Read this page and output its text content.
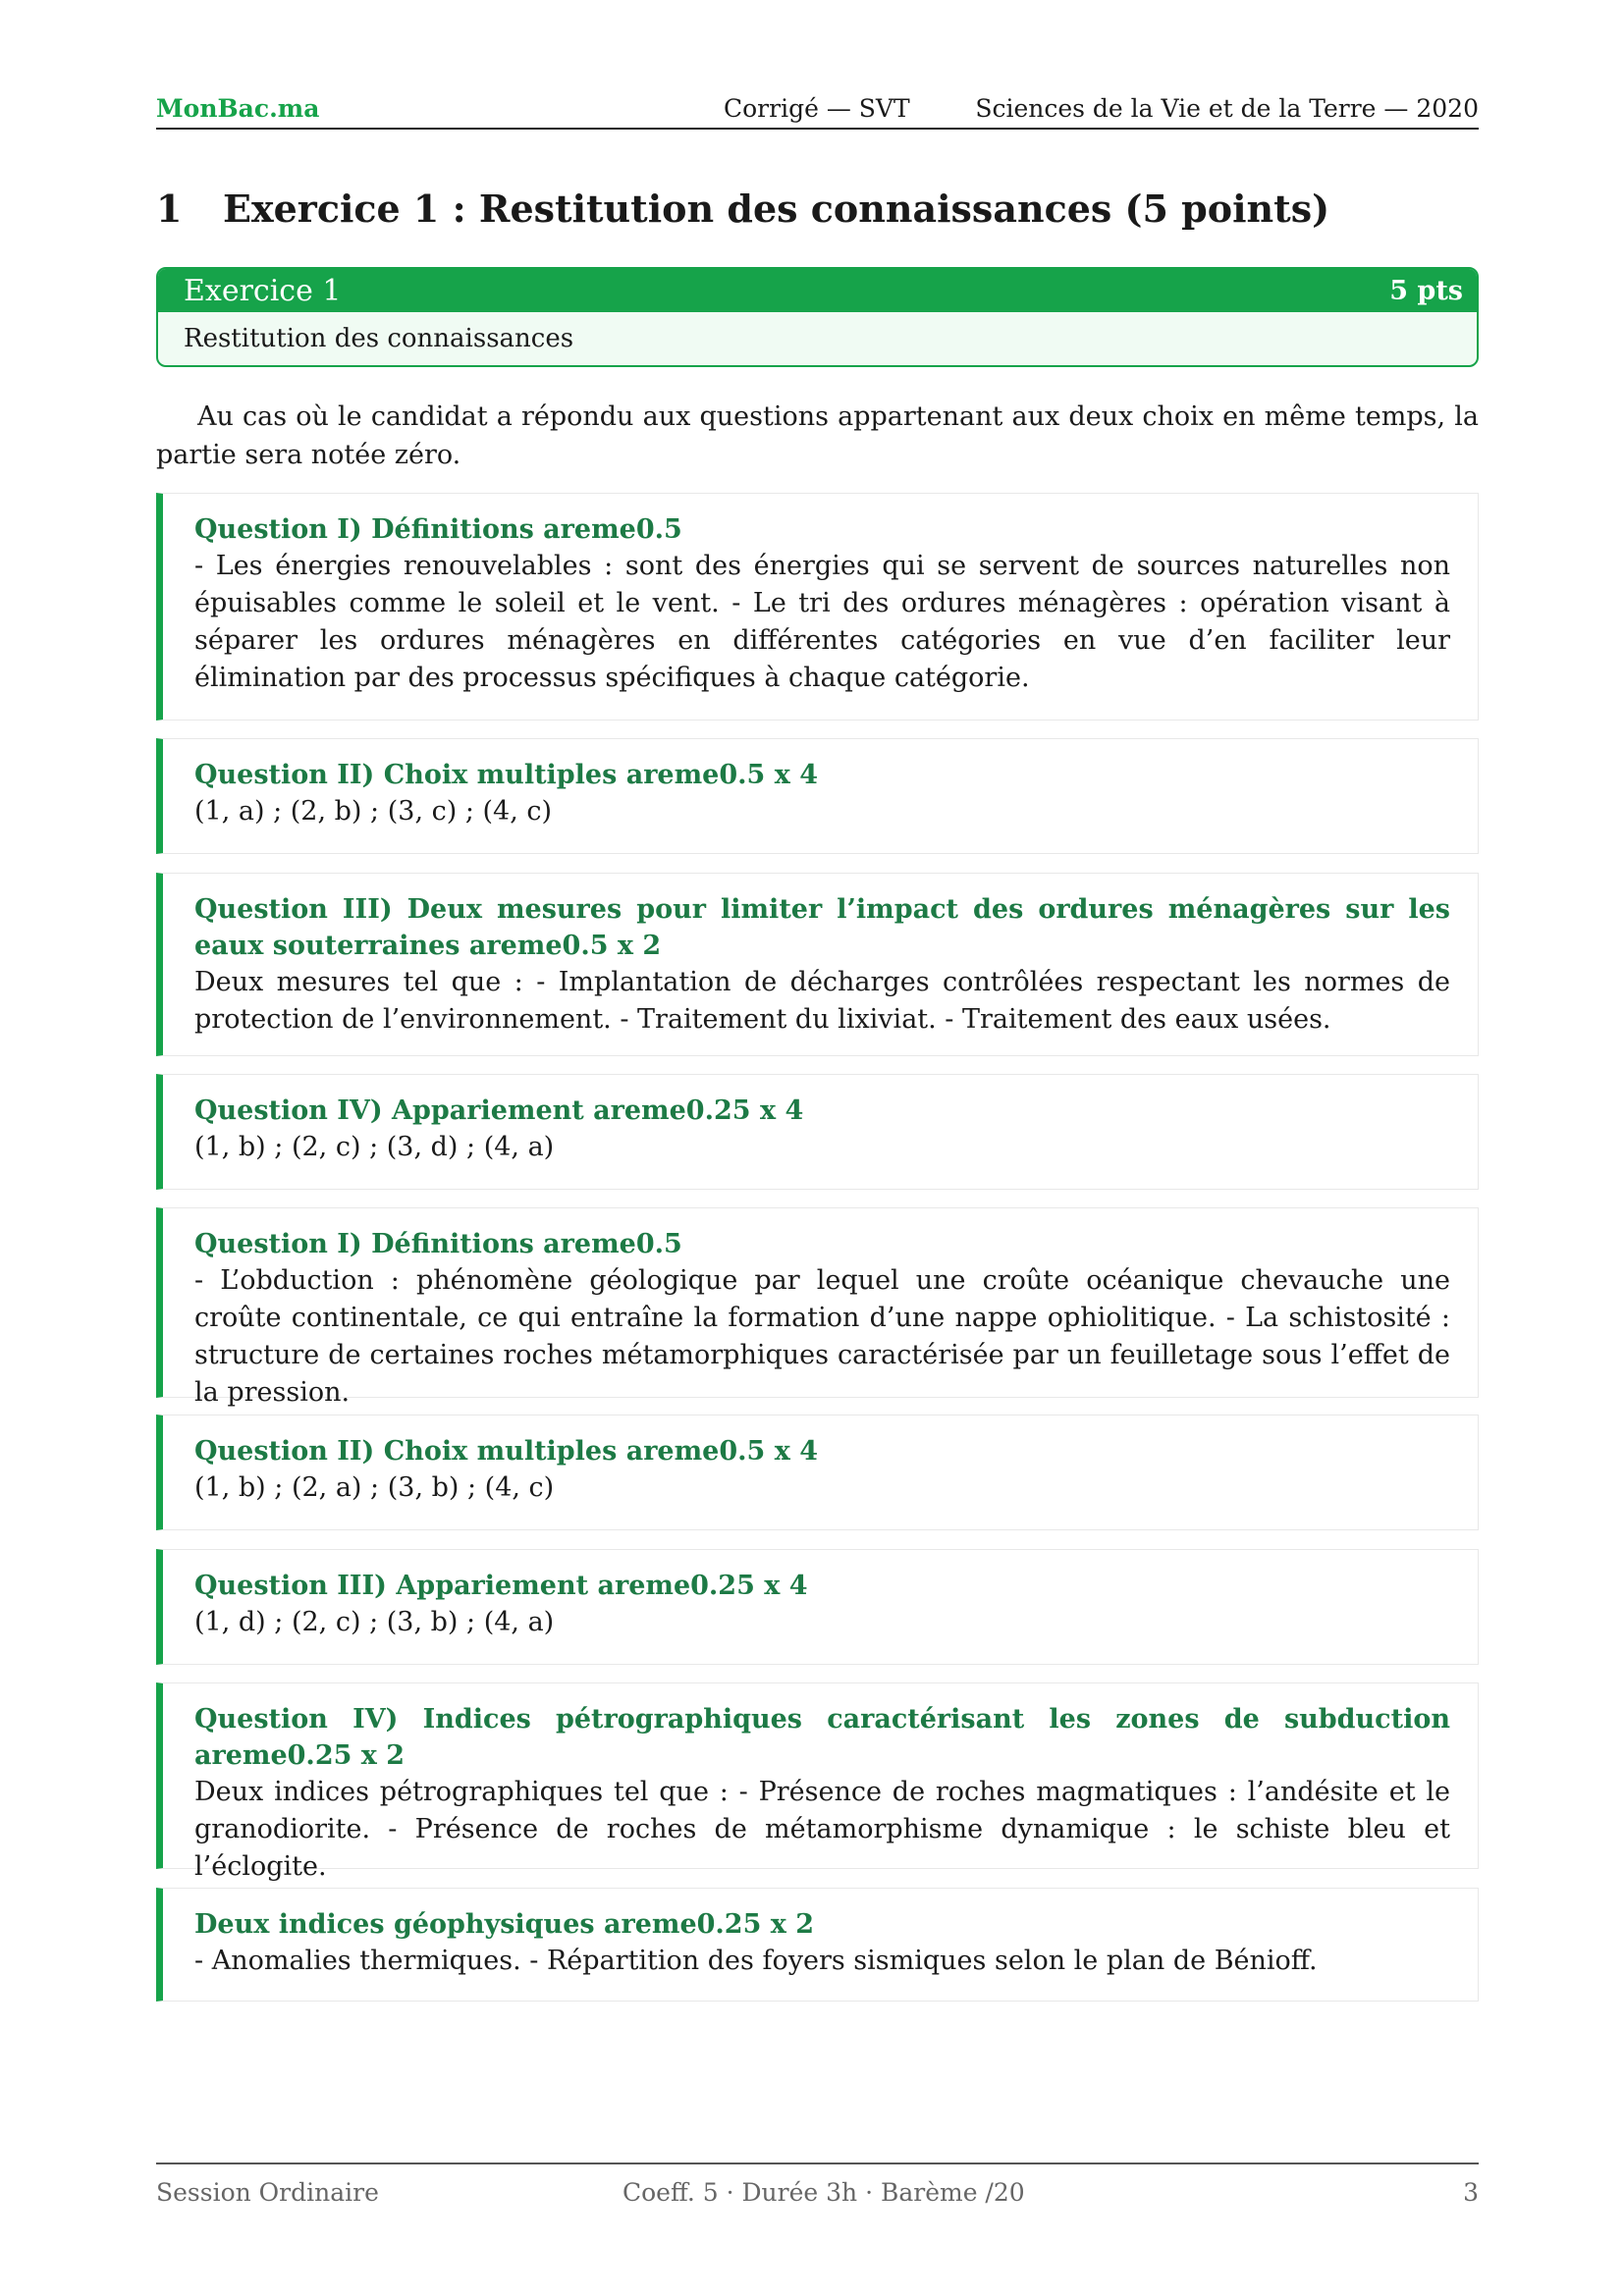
MonBac.ma	Corrigé — SVT	Sciences de la Vie et de la Terre — 2020
1 Exercice 1 : Restitution des connaissances (5 points)
Exercice 1	5 pts
Restitution des connaissances

Au cas où le candidat a répondu aux questions appartenant aux deux choix en même temps, la partie sera notée zéro.

Question I) Définitions areme0.5
- Les énergies renouvelables : sont des énergies qui se servent de sources naturelles non épuisables comme le soleil et le vent. - Le tri des ordures ménagères : opération visant à séparer les ordures ménagères en différentes catégories en vue d’en faciliter leur élimination par des processus spécifiques à chaque catégorie.
Question II) Choix multiples areme0.5 x 4
(1, a) ; (2, b) ; (3, c) ; (4, c)
Question III) Deux mesures pour limiter l’impact des ordures ménagères sur les eaux souterraines areme0.5 x 2
Deux mesures tel que : - Implantation de décharges contrôlées respectant les normes de protection de l’environnement. - Traitement du lixiviat. - Traitement des eaux usées.
Question IV) Appariement areme0.25 x 4
(1, b) ; (2, c) ; (3, d) ; (4, a)
Question I) Définitions areme0.5
- L’obduction : phénomène géologique par lequel une croûte océanique chevauche une croûte continentale, ce qui entraîne la formation d’une nappe ophiolitique. - La schistosité : structure de certaines roches métamorphiques caractérisée par un feuilletage sous l’effet de la pression.
Question II) Choix multiples areme0.5 x 4
(1, b) ; (2, a) ; (3, b) ; (4, c)
Question III) Appariement areme0.25 x 4
(1, d) ; (2, c) ; (3, b) ; (4, a)
Question IV) Indices pétrographiques caractérisant les zones de subduction areme0.25 x 2
Deux indices pétrographiques tel que : - Présence de roches magmatiques : l’andésite et le granodiorite. - Présence de roches de métamorphisme dynamique : le schiste bleu et l’éclogite.
Deux indices géophysiques areme0.25 x 2
- Anomalies thermiques. - Répartition des foyers sismiques selon le plan de Bénioff.
Session Ordinaire	Coeff. 5 · Durée 3h · Barème /20	3
